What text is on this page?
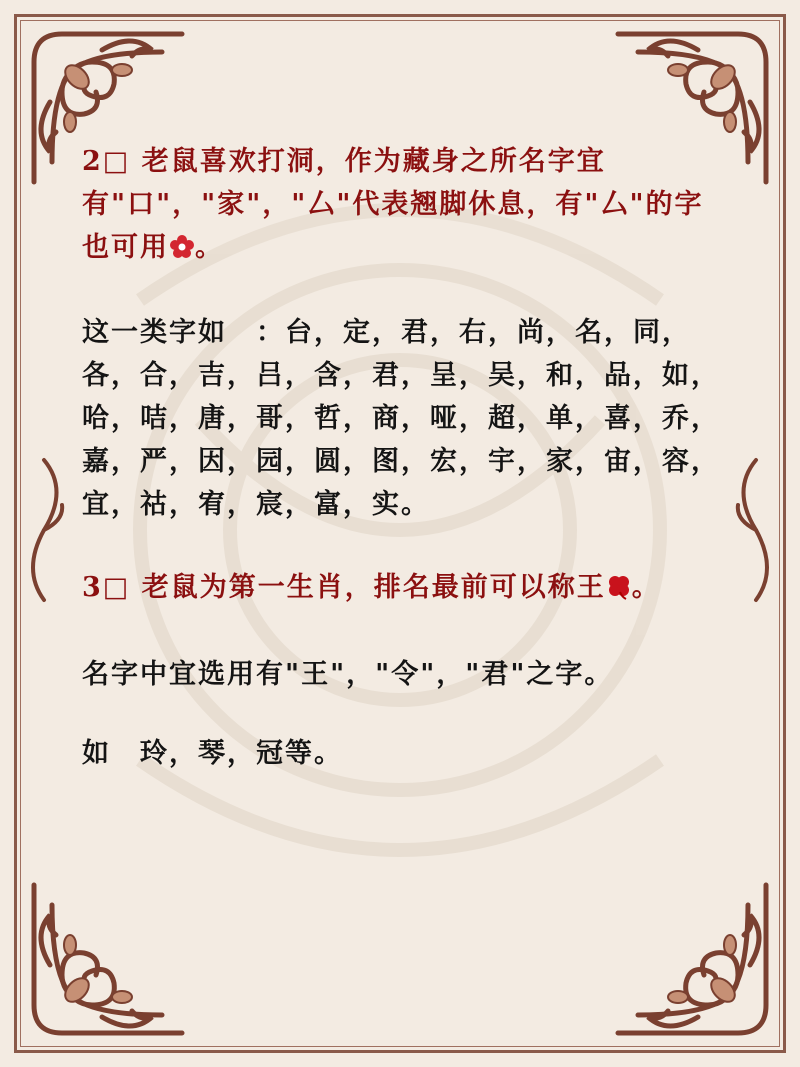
2□ 老鼠喜欢打洞，作为藏身之所名字宜有"口"，"家"，"厶"代表翘脚休息，有"厶"的字也可用 。

这一类字如　：台，定，君，右，尚，名，同，各，合，吉，吕，含，君，呈，吴，和，品，如，哈，咭，唐，哥，哲，商，哑，超，单，喜，乔，嘉，严，因，园，圆，图，宏，宇，家，宙，容，宜，祜，宥，宸，富，实。

3□ 老鼠为第一生肖，排名最前可以称王 。

名字中宜选用有"王"，"令"，"君"之字。

如　玲，琴，冠等。
